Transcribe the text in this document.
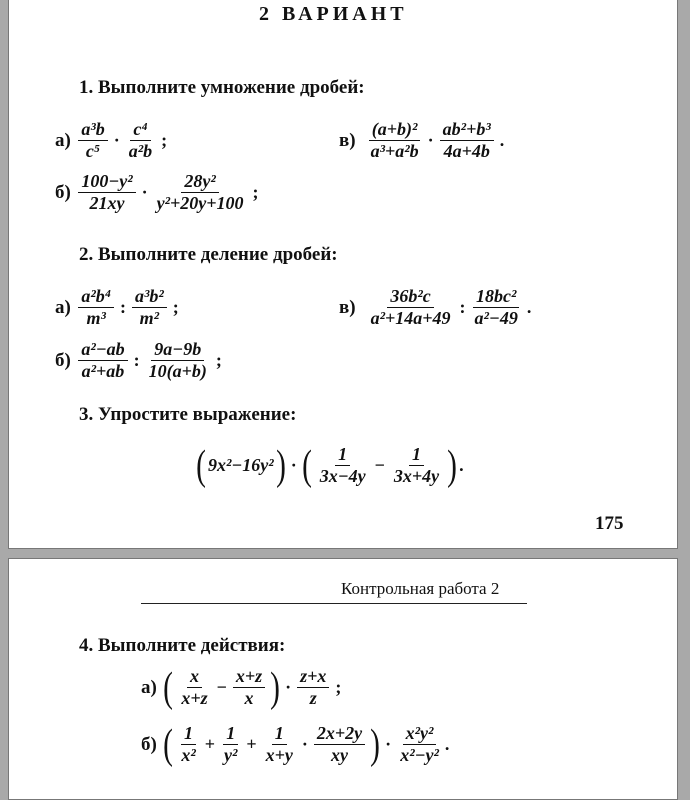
2 ВАРИАНТ
1. Выполните умножение дробей:
а)
$\frac{\text{a³b}}{\text{c⁵}} \cdot \frac{\text{c⁴}}{\text{a²b}}$ ;	в)
$\frac{\text{(a+b)²}}{\text{a³+a²b}} \cdot \frac{\text{ab²+b³}}{4a+4b}$ .
б)
$\frac{\text{100−y²}}{21xy} \cdot \frac{\text{28y²}}{\text{y²+20y+100}}$ ;
2. Выполните деление дробей:
а)
$\frac{\text{a²b⁴}}{\text{m³}}$ : $\frac{\text{a³b²}}{\text{m²}}$ ;	в)
$\frac{\text{36b²c}}{\text{a²+14a+49}}$ : $\frac{\text{18bc²}}{\text{a²−49}}$ .
б)
$\frac{\text{a²−ab}}{\text{a²+ab}}$ : $\frac{9a-9b}{10(a+b)}$ ;
3. Упростите выражение:
( 9x²−16y² ) · ( $\frac{1}{3x-4y} - \frac{1}{3x+4y}$ ) .
175
Контрольная работа 2
4. Выполните действия:
а)
( $\frac{x}{x+z} - \frac{x+z}{x}$ ) · $\frac{z+x}{z}$ ;
б)
( $\frac{1}{\text{x²}} + \frac{1}{\text{y²}} + \frac{1}{x+y} \cdot \frac{2x+2y}{xy}$ ) · $\frac{\text{x²y²}}{\text{x²−y²}}$ .
